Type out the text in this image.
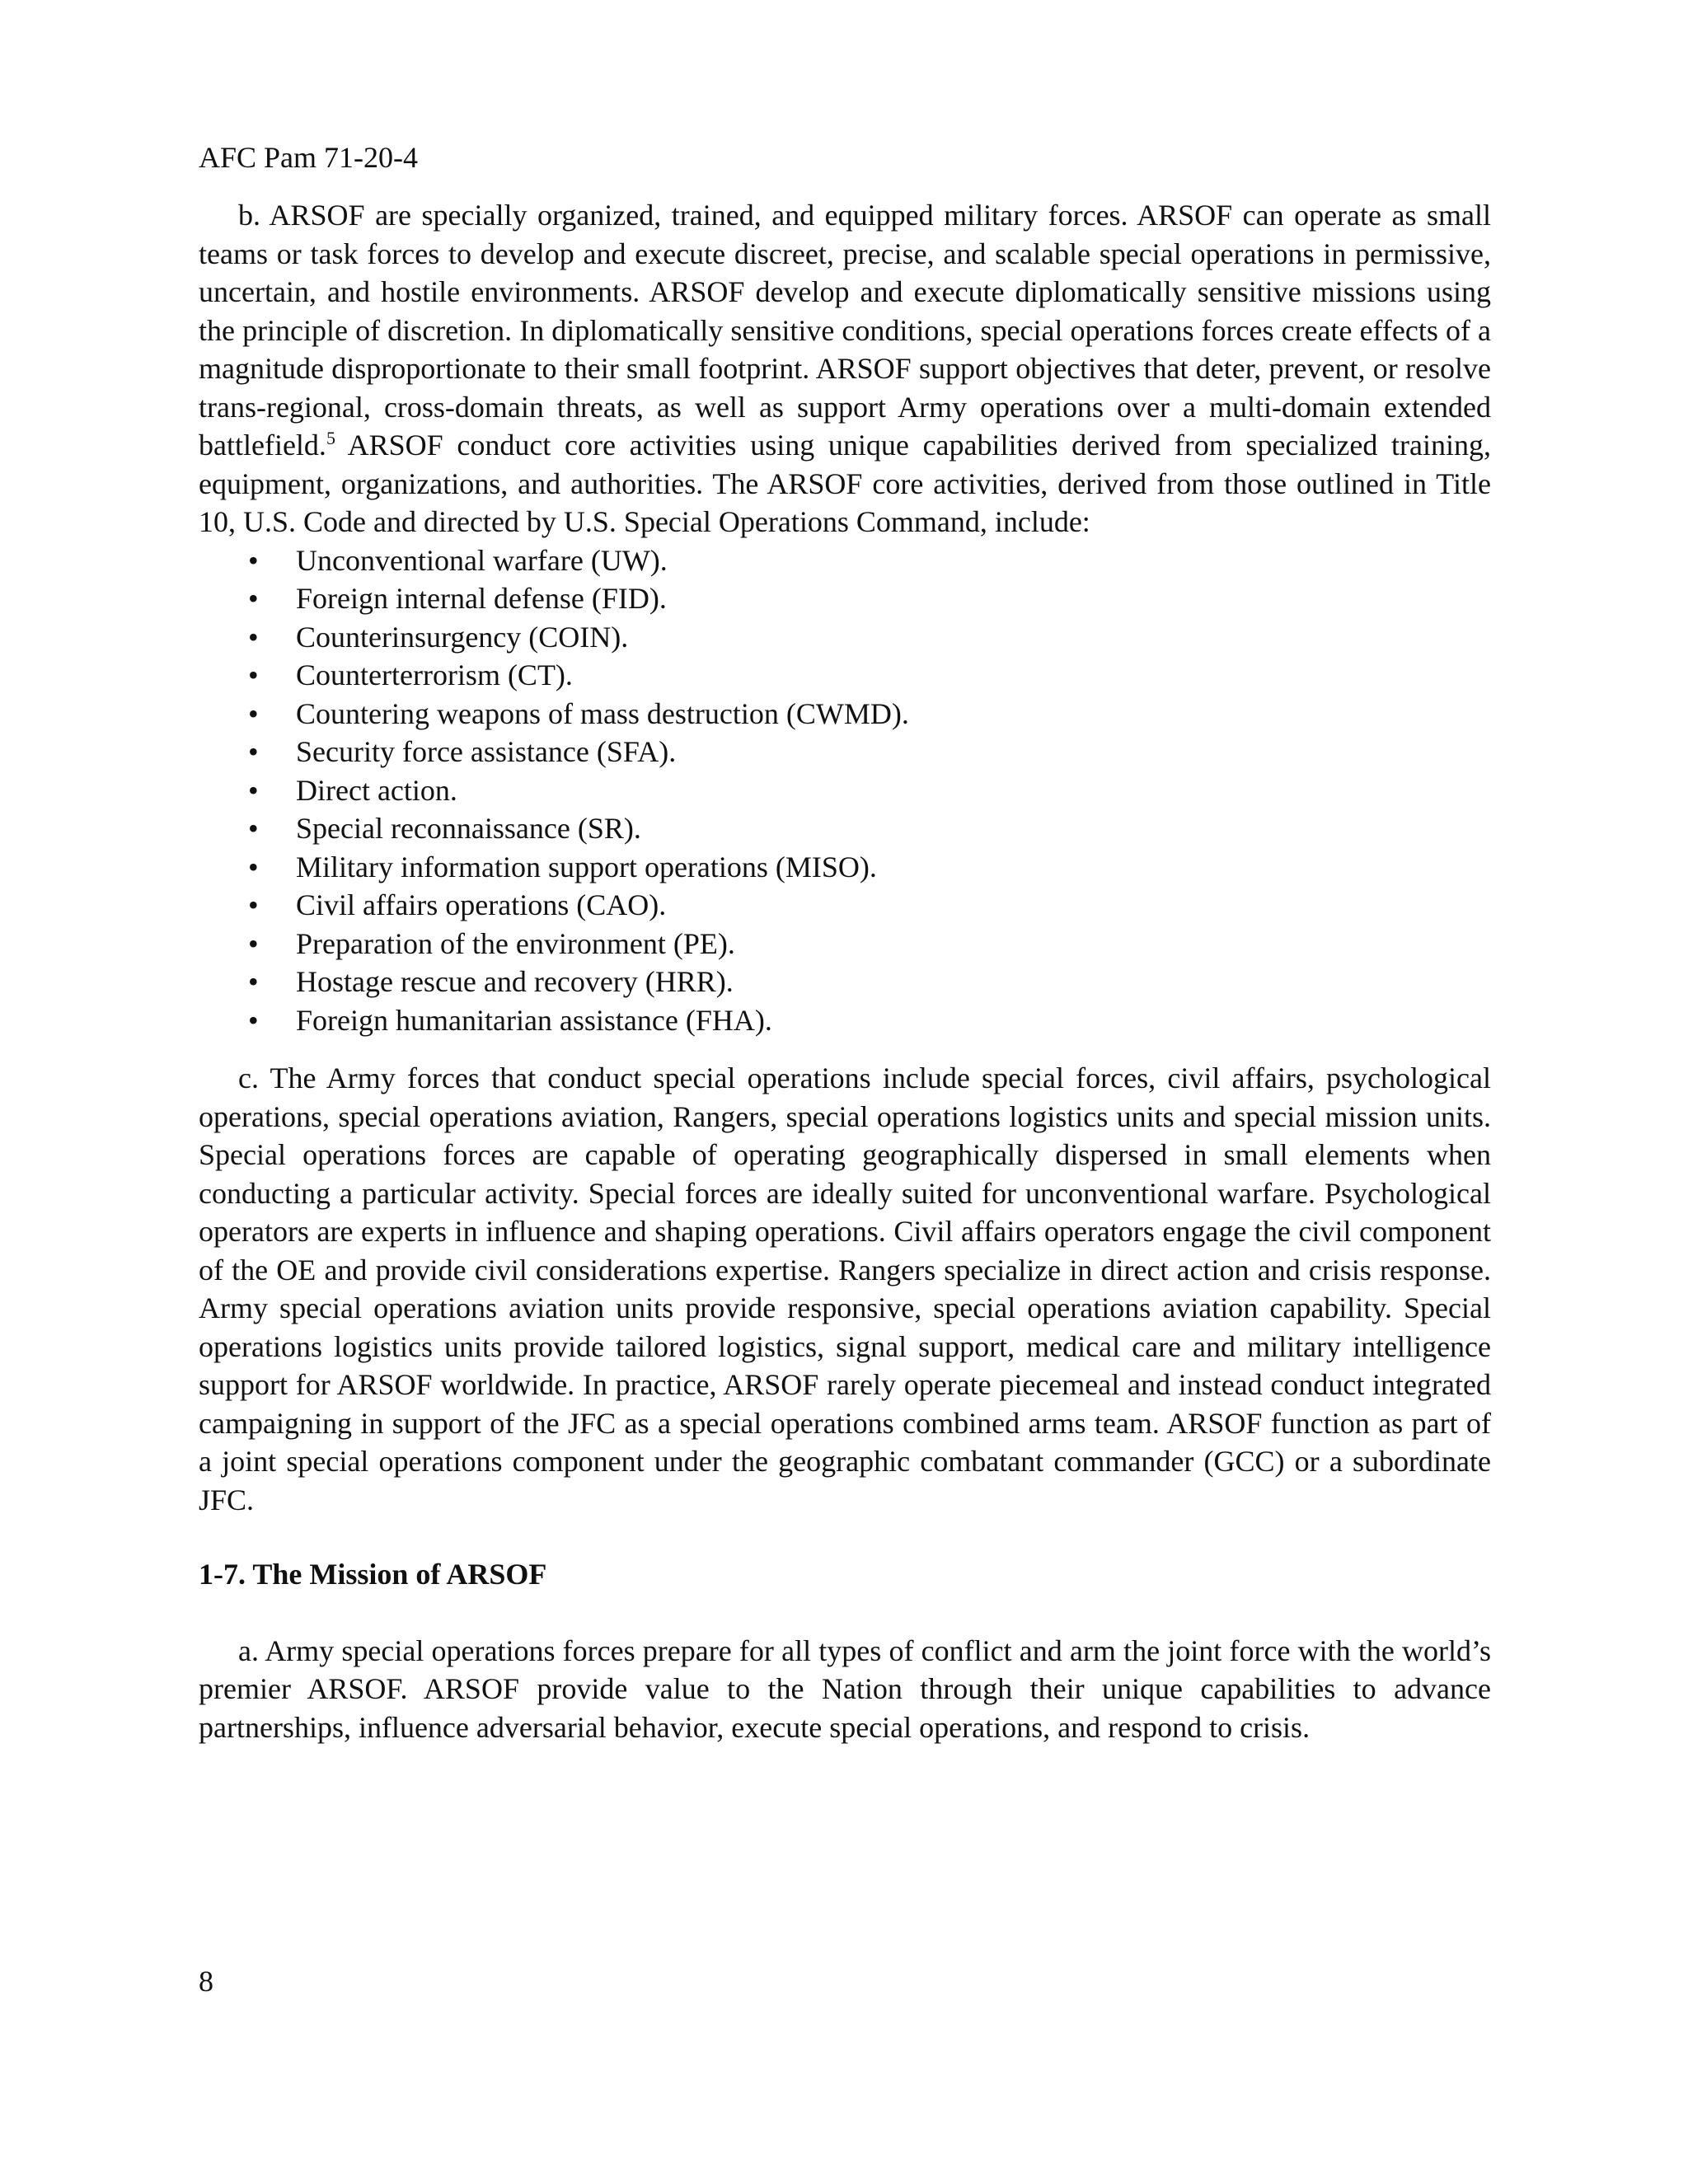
AFC Pam 71-20-4

b. ARSOF are specially organized, trained, and equipped military forces. ARSOF can operate as small teams or task forces to develop and execute discreet, precise, and scalable special operations in permissive, uncertain, and hostile environments. ARSOF develop and execute diplomatically sensitive missions using the principle of discretion. In diplomatically sensitive conditions, special operations forces create effects of a magnitude disproportionate to their small footprint. ARSOF support objectives that deter, prevent, or resolve trans-regional, cross-domain threats, as well as support Army operations over a multi-domain extended battlefield.$^5$ ARSOF conduct core activities using unique capabilities derived from specialized training, equipment, organizations, and authorities. The ARSOF core activities, derived from those outlined in Title 10, U.S. Code and directed by U.S. Special Operations Command, include:

• Unconventional warfare (UW).
• Foreign internal defense (FID).
• Counterinsurgency (COIN).
• Counterterrorism (CT).
• Countering weapons of mass destruction (CWMD).
• Security force assistance (SFA).
• Direct action.
• Special reconnaissance (SR).
• Military information support operations (MISO).
• Civil affairs operations (CAO).
• Preparation of the environment (PE).
• Hostage rescue and recovery (HRR).
• Foreign humanitarian assistance (FHA).

c. The Army forces that conduct special operations include special forces, civil affairs, psychological operations, special operations aviation, Rangers, special operations logistics units and special mission units. Special operations forces are capable of operating geographically dispersed in small elements when conducting a particular activity. Special forces are ideally suited for unconventional warfare. Psychological operators are experts in influence and shaping operations. Civil affairs operators engage the civil component of the OE and provide civil considerations expertise. Rangers specialize in direct action and crisis response. Army special operations aviation units provide responsive, special operations aviation capability. Special operations logistics units provide tailored logistics, signal support, medical care and military intelligence support for ARSOF worldwide. In practice, ARSOF rarely operate piecemeal and instead conduct integrated campaigning in support of the JFC as a special operations combined arms team. ARSOF function as part of a joint special operations component under the geographic combatant commander (GCC) or a subordinate JFC.

1-7. The Mission of ARSOF

a. Army special operations forces prepare for all types of conflict and arm the joint force with the world’s premier ARSOF. ARSOF provide value to the Nation through their unique capabilities to advance partnerships, influence adversarial behavior, execute special operations, and respond to crisis.

8
